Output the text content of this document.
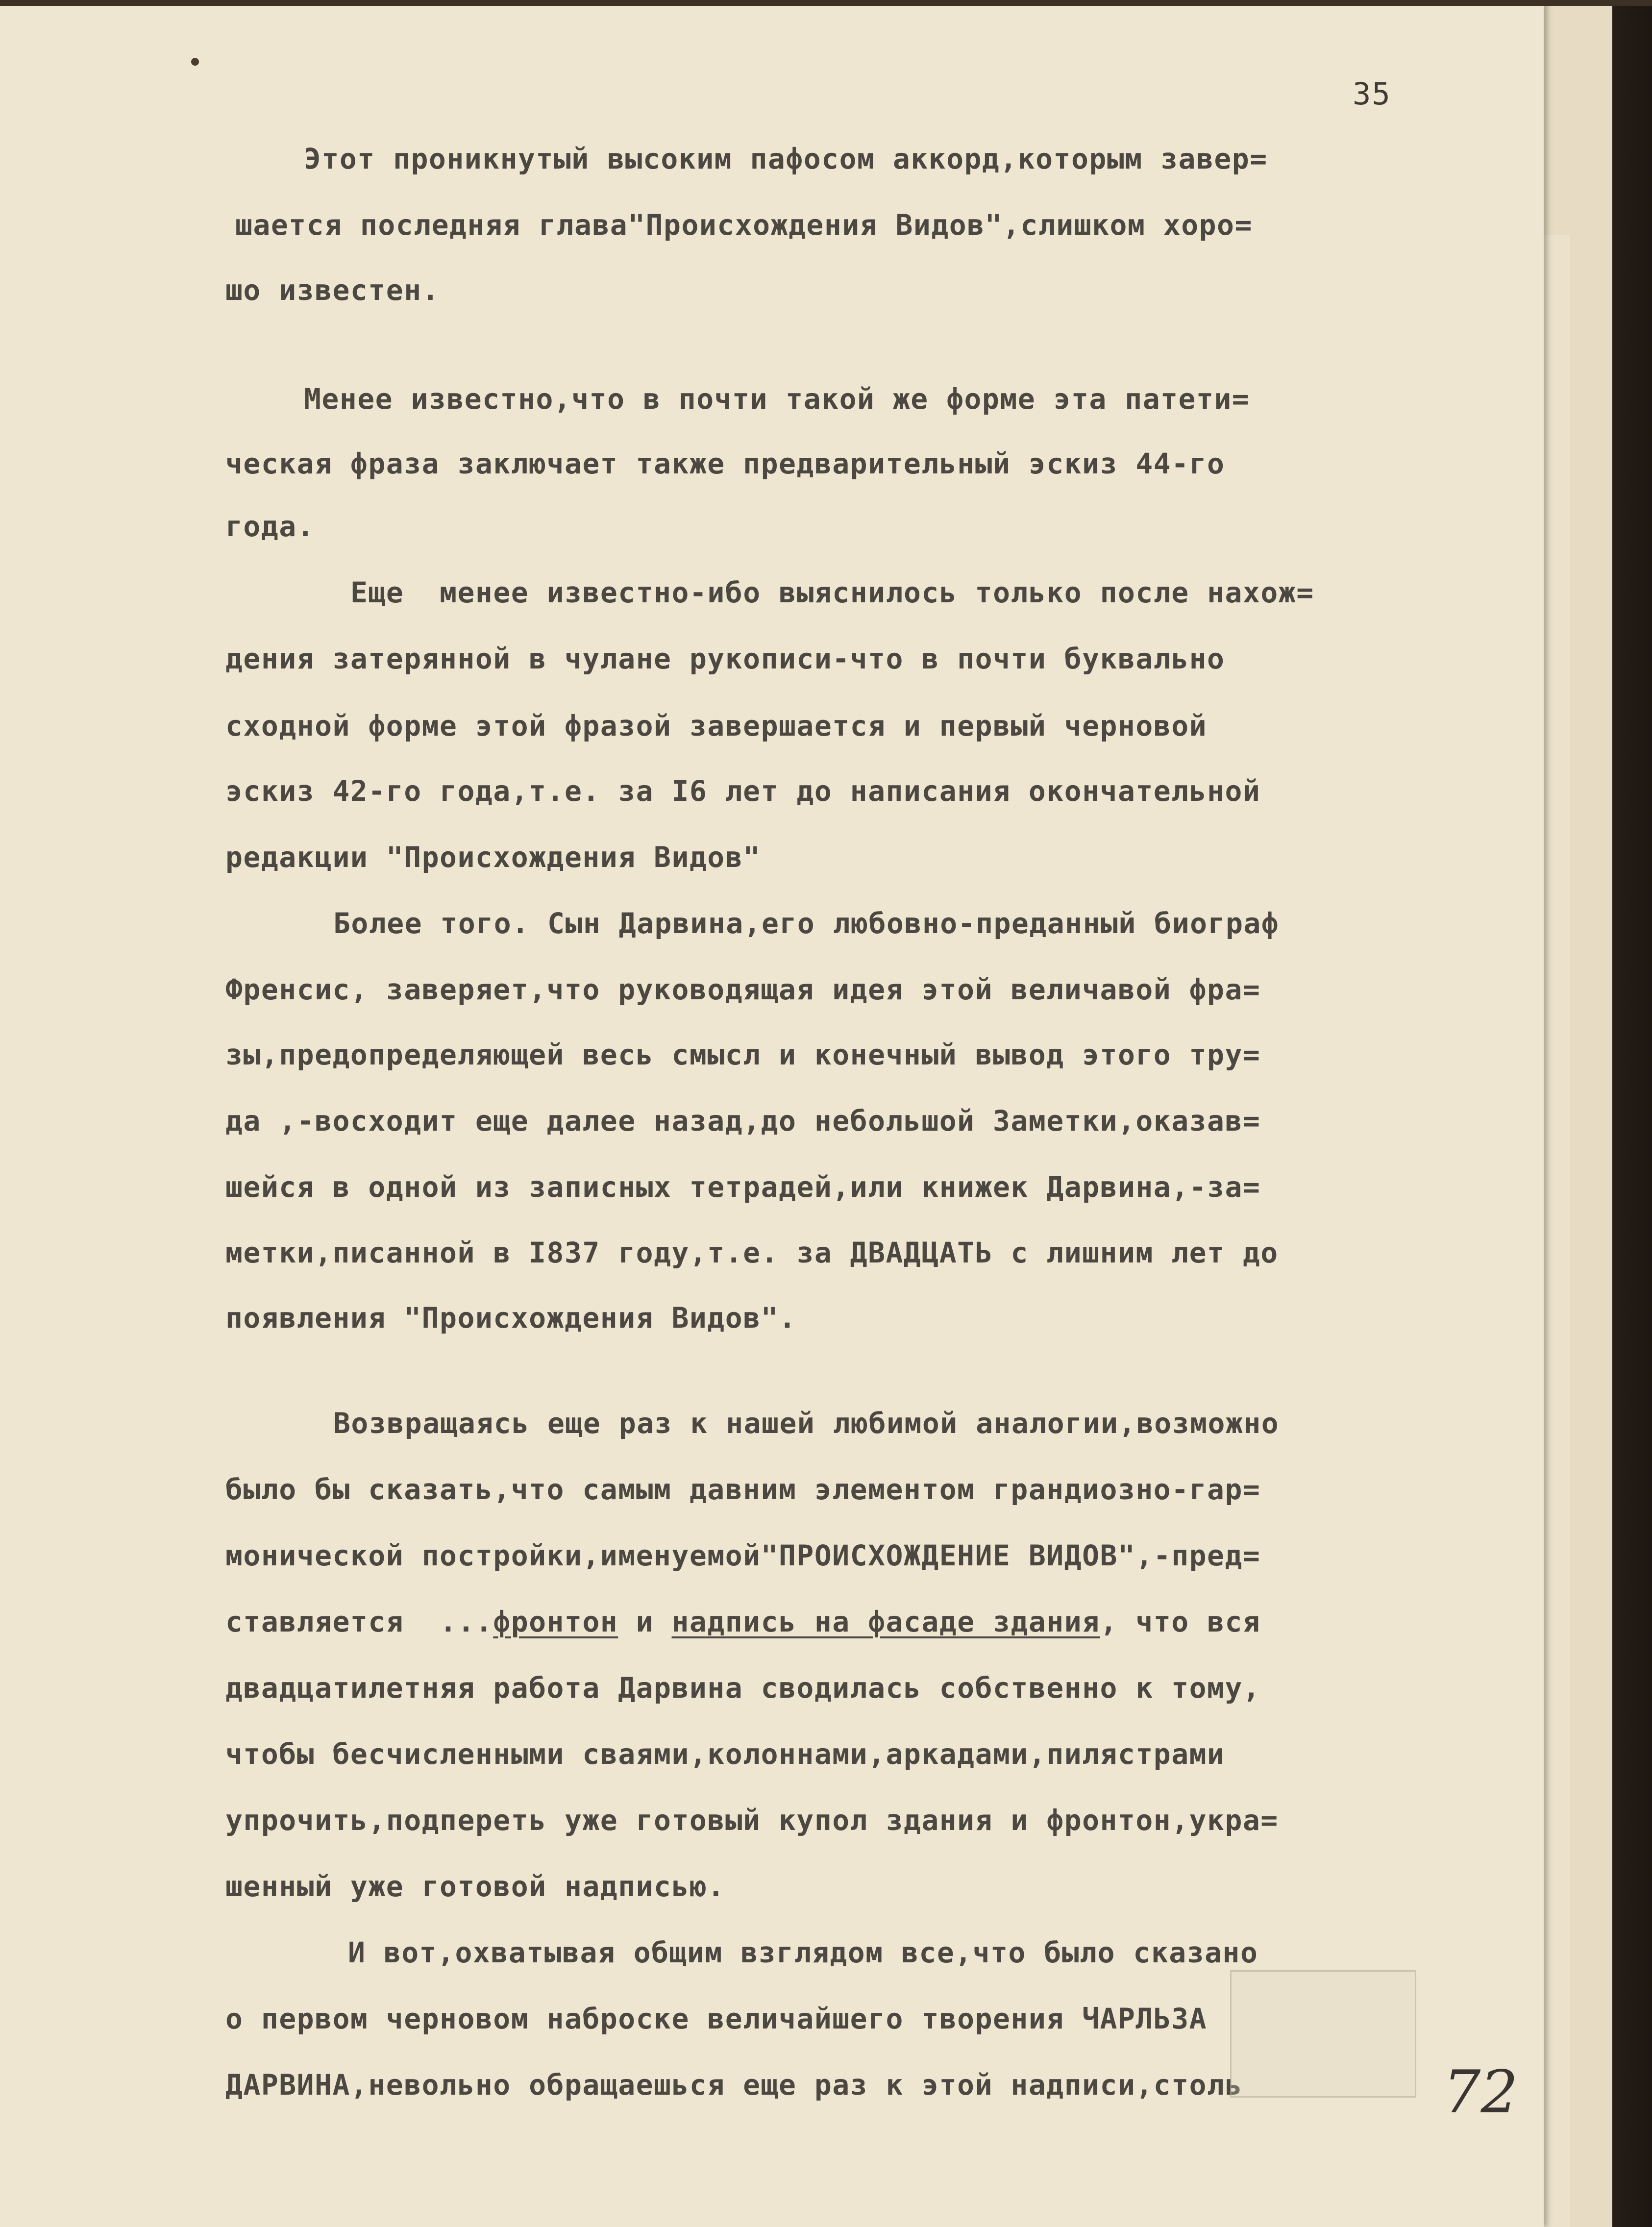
35

Этот проникнутый высоким пафосом аккорд,которым завер=

шается последняя глава"Происхождения Видов",слишком хоро=

шо известен.

Менее известно,что в почти такой же форме эта патети=

ческая фраза заключает также предварительный эскиз 44-го

года.

Еще  менее известно-ибо выяснилось только после нахож=

дения затерянной в чулане рукописи-что в почти буквально

сходной форме этой фразой завершается и первый черновой

эскиз 42-го года,т.е. за I6 лет до написания окончательной

редакции "Происхождения Видов"

Более того. Сын Дарвина,его любовно-преданный биограф

Френсис, заверяет,что руководящая идея этой величавой фра=

зы,предопределяющей весь смысл и конечный вывод этого тру=

да ,-восходит еще далее назад,до небольшой Заметки,оказав=

шейся в одной из записных тетрадей,или книжек Дарвина,-за=

метки,писанной в I837 году,т.е. за ДВАДЦАТЬ с лишним лет до

появления "Происхождения Видов".

Возвращаясь еще раз к нашей любимой аналогии,возможно

было бы сказать,что самым давним элементом грандиозно-гар=

монической постройки,именуемой"ПРОИСХОЖДЕНИЕ ВИДОВ",-пред=

ставляется  ...фронтон и надпись на фасаде здания, что вся

двадцатилетняя работа Дарвина сводилась собственно к тому,

чтобы бесчисленными сваями,колоннами,аркадами,пилястрами

упрочить,подпереть уже готовый купол здания и фронтон,укра=

шенный уже готовой надписью.

И вот,охватывая общим взглядом все,что было сказано

о первом черновом наброске величайшего творения ЧАРЛЬЗА

ДАРВИНА,невольно обращаешься еще раз к этой надписи,столь

	72
